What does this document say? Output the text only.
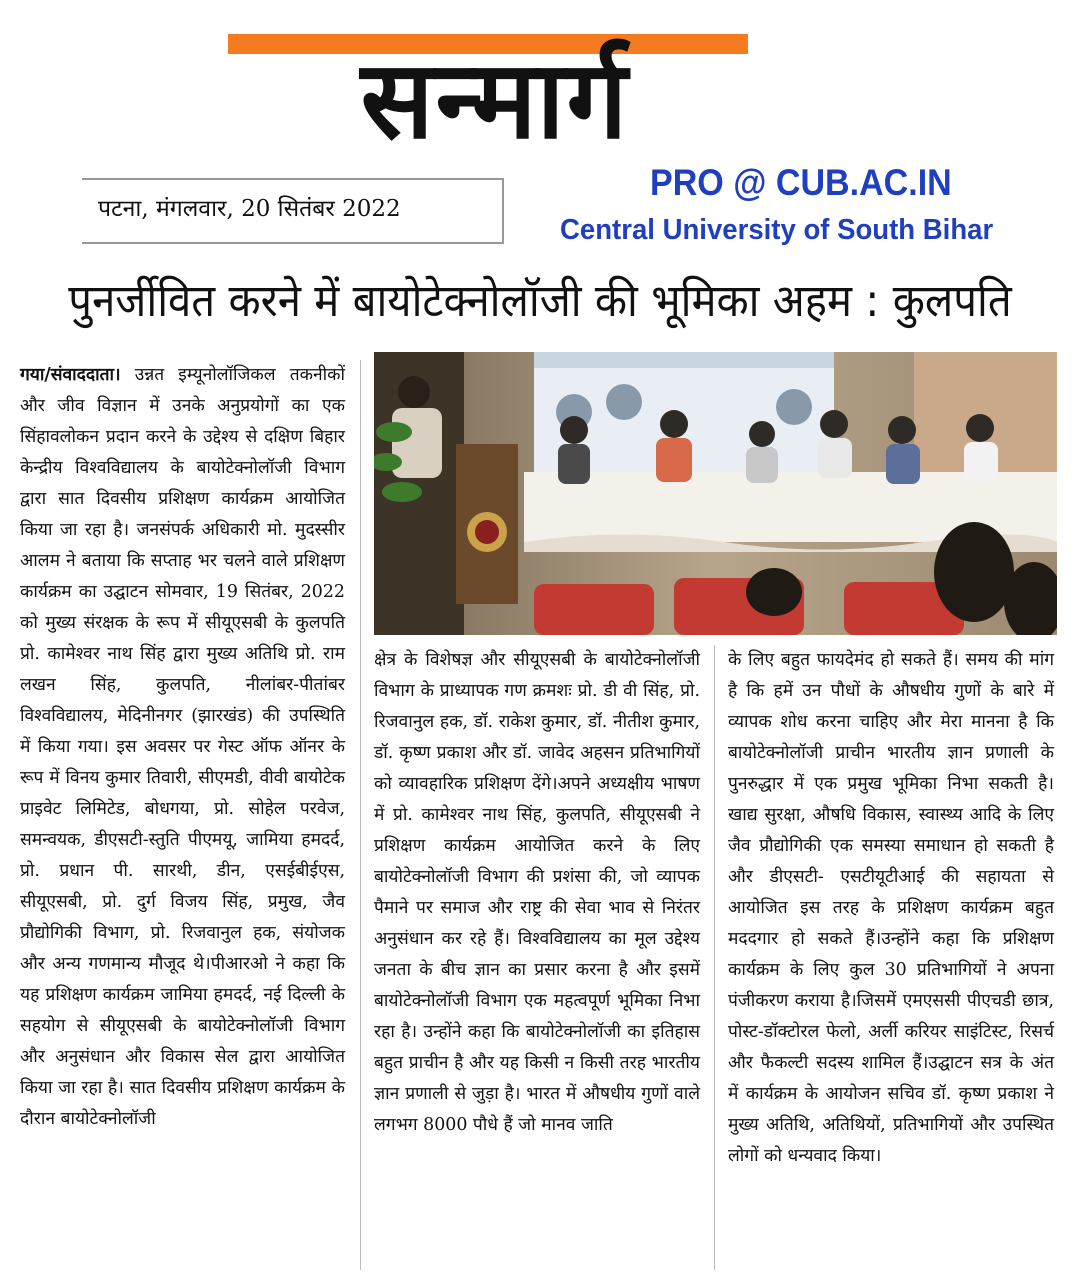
सन्मार्ग
पटना, मंगलवार, 20 सितंबर 2022
PRO @ CUB.AC.IN
Central University of South Bihar
पुनर्जीवित करने में बायोटेक्नोलॉजी की भूमिका अहम : कुलपति
गया/संवाददाता। उन्नत इम्यूनोलॉजिकल तकनीकों और जीव विज्ञान में उनके अनुप्रयोगों का एक सिंहावलोकन प्रदान करने के उद्देश्य से दक्षिण बिहार केन्द्रीय विश्वविद्यालय के बायोटेक्नोलॉजी विभाग द्वारा सात दिवसीय प्रशिक्षण कार्यक्रम आयोजित किया जा रहा है। जनसंपर्क अधिकारी मो. मुदस्सीर आलम ने बताया कि सप्ताह भर चलने वाले प्रशिक्षण कार्यक्रम का उद्घाटन सोमवार, 19 सितंबर, 2022 को मुख्य संरक्षक के रूप में सीयूएसबी के कुलपति प्रो. कामेश्वर नाथ सिंह द्वारा मुख्य अतिथि प्रो. राम लखन सिंह, कुलपति, नीलांबर-पीतांबर विश्वविद्यालय, मेदिनीनगर (झारखंड) की उपस्थिति में किया गया। इस अवसर पर गेस्ट ऑफ ऑनर के रूप में विनय कुमार तिवारी, सीएमडी, वीवी बायोटेक प्राइवेट लिमिटेड, बोधगया, प्रो. सोहेल परवेज, समन्वयक, डीएसटी-स्तुति पीएमयू, जामिया हमदर्द, प्रो. प्रधान पी. सारथी, डीन, एसईबीईएस, सीयूएसबी, प्रो. दुर्ग विजय सिंह, प्रमुख, जैव प्रौद्योगिकी विभाग, प्रो. रिजवानुल हक, संयोजक और अन्य गणमान्य मौजूद थे।पीआरओ ने कहा कि यह प्रशिक्षण कार्यक्रम जामिया हमदर्द, नई दिल्ली के सहयोग से सीयूएसबी के बायोटेक्नोलॉजी विभाग और अनुसंधान और विकास सेल द्वारा आयोजित किया जा रहा है। सात दिवसीय प्रशिक्षण कार्यक्रम के दौरान बायोटेक्नोलॉजी
क्षेत्र के विशेषज्ञ और सीयूएसबी के बायोटेक्नोलॉजी विभाग के प्राध्यापक गण क्रमशः प्रो. डी वी सिंह, प्रो. रिजवानुल हक, डॉ. राकेश कुमार, डॉ. नीतीश कुमार, डॉ. कृष्ण प्रकाश और डॉ. जावेद अहसन प्रतिभागियों को व्यावहारिक प्रशिक्षण देंगे।अपने अध्यक्षीय भाषण में प्रो. कामेश्वर नाथ सिंह, कुलपति, सीयूएसबी ने प्रशिक्षण कार्यक्रम आयोजित करने के लिए बायोटेक्नोलॉजी विभाग की प्रशंसा की, जो व्यापक पैमाने पर समाज और राष्ट्र की सेवा भाव से निरंतर अनुसंधान कर रहे हैं। विश्वविद्यालय का मूल उद्देश्य जनता के बीच ज्ञान का प्रसार करना है और इसमें बायोटेक्नोलॉजी विभाग एक महत्वपूर्ण भूमिका निभा रहा है। उन्होंने कहा कि बायोटेक्नोलॉजी का इतिहास बहुत प्राचीन है और यह किसी न किसी तरह भारतीय ज्ञान प्रणाली से जुड़ा है। भारत में औषधीय गुणों वाले लगभग 8000 पौधे हैं जो मानव जाति
के लिए बहुत फायदेमंद हो सकते हैं। समय की मांग है कि हमें उन पौधों के औषधीय गुणों के बारे में व्यापक शोध करना चाहिए और मेरा मानना है कि बायोटेक्नोलॉजी प्राचीन भारतीय ज्ञान प्रणाली के पुनरुद्धार में एक प्रमुख भूमिका निभा सकती है। खाद्य सुरक्षा, औषधि विकास, स्वास्थ्य आदि के लिए जैव प्रौद्योगिकी एक समस्या समाधान हो सकती है और डीएसटी- एसटीयूटीआई की सहायता से आयोजित इस तरह के प्रशिक्षण कार्यक्रम बहुत मददगार हो सकते हैं।उन्होंने कहा कि प्रशिक्षण कार्यक्रम के लिए कुल 30 प्रतिभागियों ने अपना पंजीकरण कराया है।जिसमें एमएससी पीएचडी छात्र, पोस्ट-डॉक्टोरल फेलो, अर्ली करियर साइंटिस्ट, रिसर्च और फैकल्टी सदस्य शामिल हैं।उद्घाटन सत्र के अंत में कार्यक्रम के आयोजन सचिव डॉ. कृष्ण प्रकाश ने मुख्य अतिथि, अतिथियों, प्रतिभागियों और उपस्थित लोगों को धन्यवाद किया।
